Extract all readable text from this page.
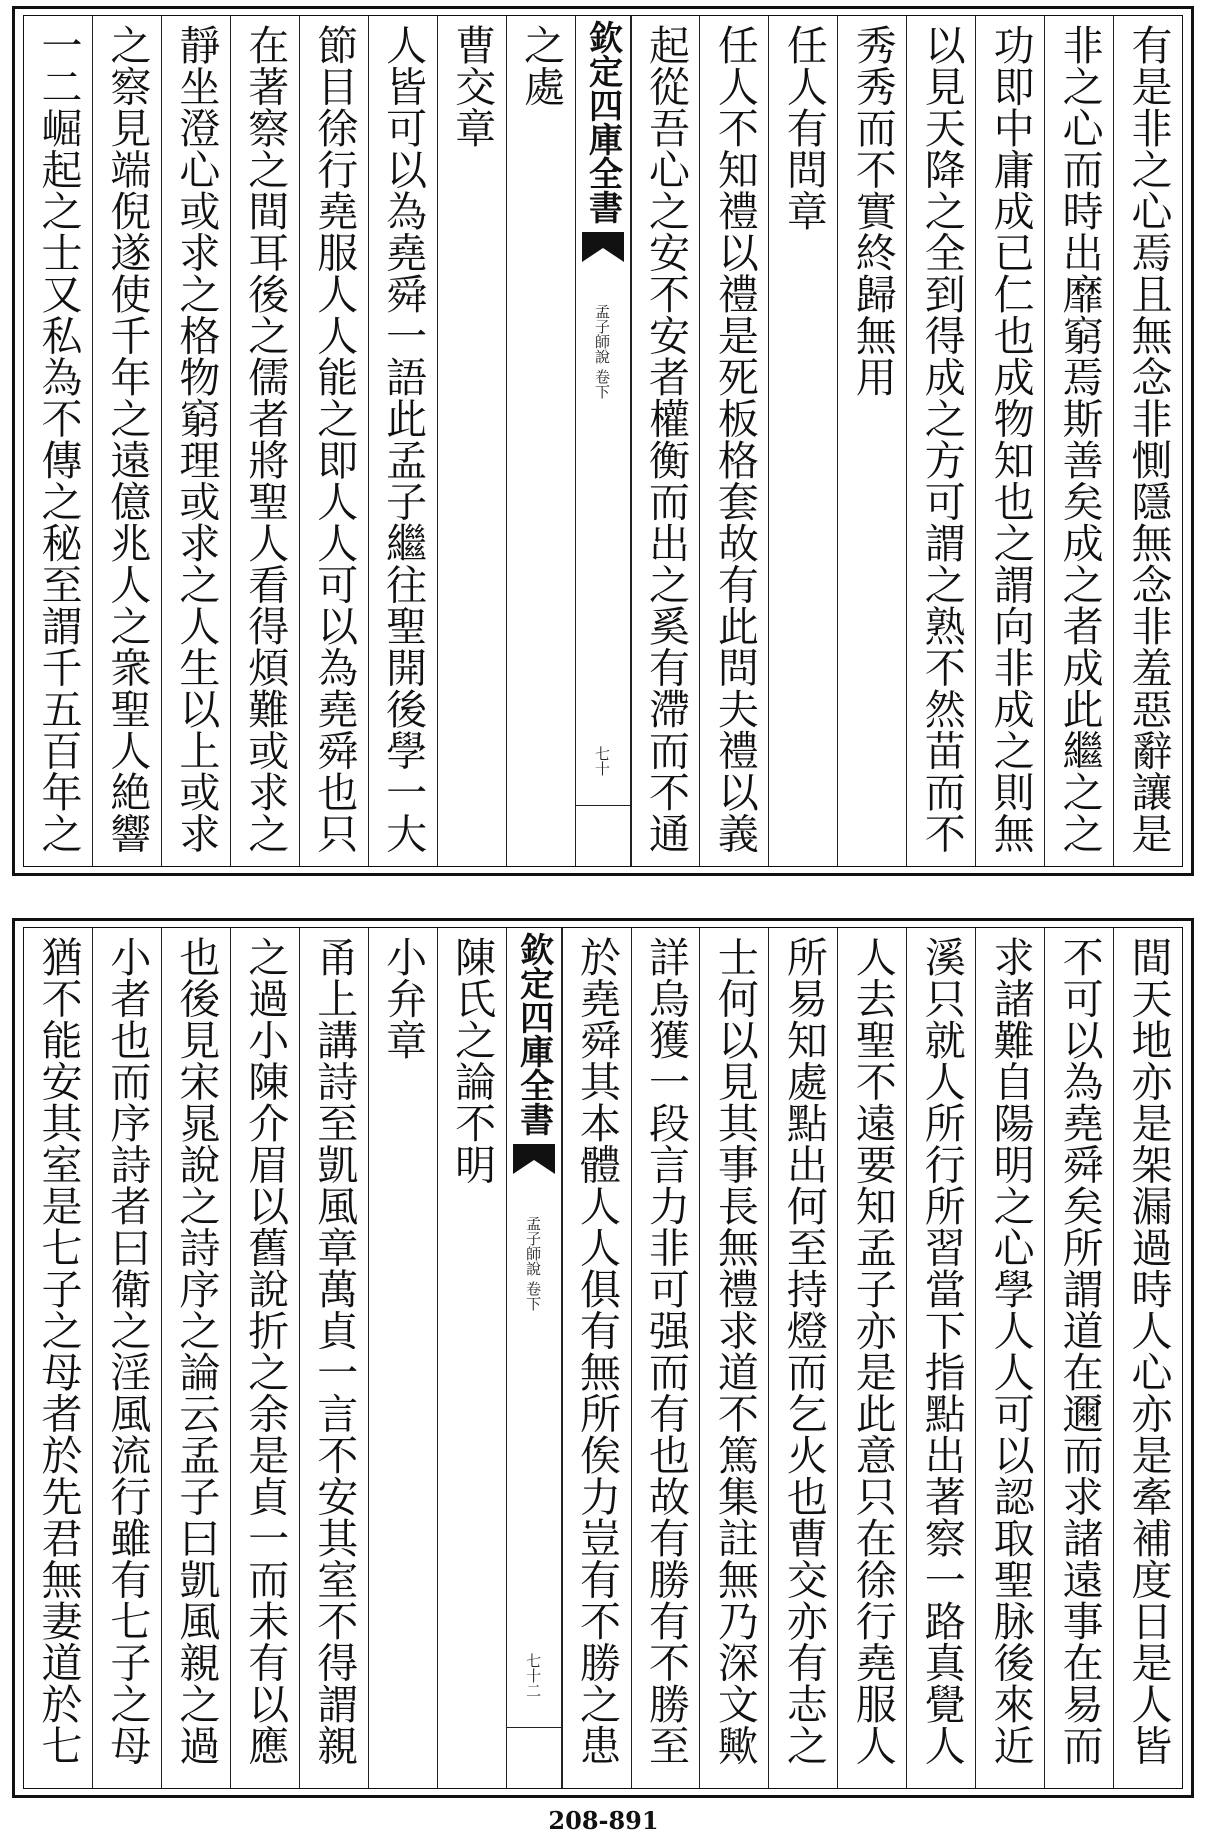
有是非之心焉且無念非惻隱無念非羞惡辭讓是
非之心而時出靡窮焉斯善矣成之者成此繼之之
功即中庸成已仁也成物知也之謂向非成之則無
以見天降之全到得成之方可謂之熟不然苗而不
秀秀而不實終歸無用
任人有問章
任人不知禮以禮是死板格套故有此問夫禮以義
起從吾心之安不安者權衡而出之奚有滯而不通
欽定四庫全書
孟子師說 卷下
七十
之處
曹交章
人皆可以為堯舜一語此孟子繼往聖開後學一大
節目徐行堯服人人能之即人人可以為堯舜也只
在著察之間耳後之儒者將聖人看得煩難或求之
靜坐澄心或求之格物窮理或求之人生以上或求
之察見端倪遂使千年之遠億兆人之衆聖人絶響
一二崛起之士又私為不傳之秘至謂千五百年之
間天地亦是架漏過時人心亦是牽補度日是人皆
不可以為堯舜矣所謂道在邇而求諸遠事在易而
求諸難自陽明之心學人人可以認取聖脉後來近
溪只就人所行所習當下指點出著察一路真覺人
人去聖不遠要知孟子亦是此意只在徐行堯服人
所易知處點出何至持燈而乞火也曹交亦有志之
士何以見其事長無禮求道不篤集註無乃深文歟
詳烏獲一段言力非可强而有也故有勝有不勝至
於堯舜其本體人人俱有無所俟力豈有不勝之患
欽定四庫全書
孟子師說 卷下
七十二
陳氏之論不明
小弁章
甬上講詩至凱風章萬貞一言不安其室不得謂親
之過小陳介眉以舊說折之余是貞一而未有以應
也後見宋晁說之詩序之論云孟子曰凱風親之過
小者也而序詩者曰衛之淫風流行雖有七子之母
猶不能安其室是七子之母者於先君無妻道於七
208-891
